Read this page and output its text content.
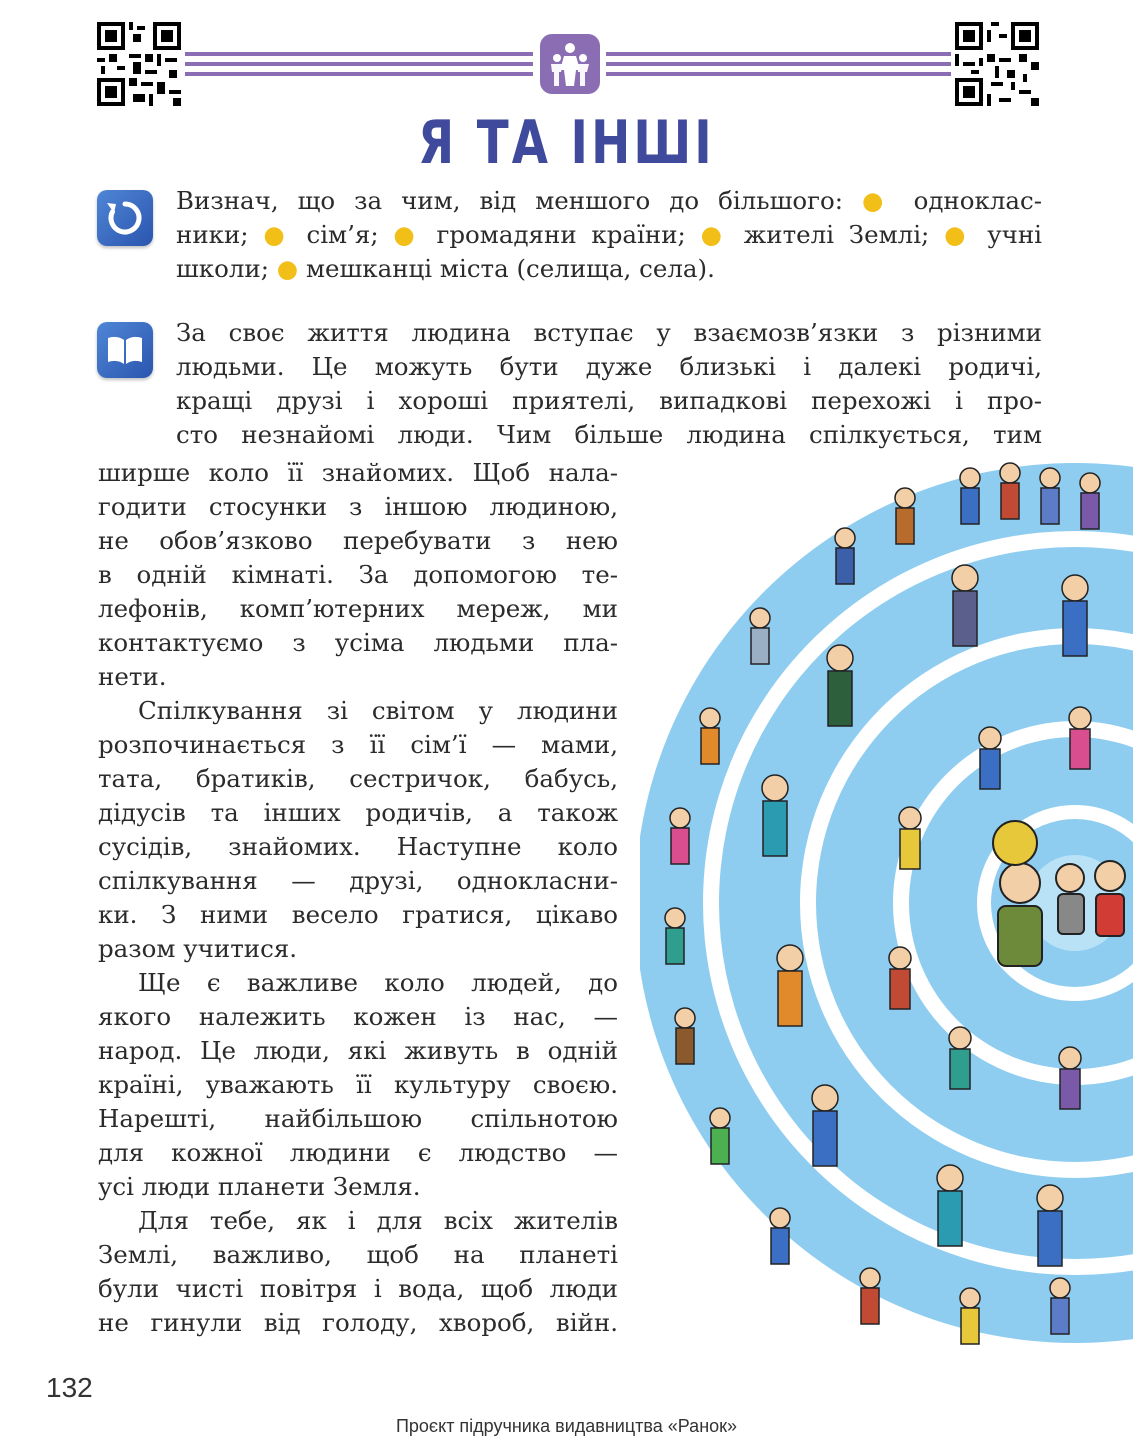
Я ТА ІНШІ
Визнач, що за чим, від меншого до більшого: ● одноклас-
ники; ● сім’я; ● громадяни країни; ● жителі Землі; ● учні
школи; ● мешканці міста (селища, села).
За своє життя людина вступає у взаємозв’язки з різними
людьми. Це можуть бути дуже близькі і далекі родичі,
кращі друзі і хороші приятелі, випадкові перехожі і про-
сто незнайомі люди. Чим більше людина спілкується, тим
ширше коло її знайомих. Щоб нала-
годити стосунки з іншою людиною,
не обов’язково перебувати з нею
в одній кімнаті. За допомогою те-
лефонів, комп’ютерних мереж, ми
контактуємо з усіма людьми пла-
нети.
Спілкування зі світом у людини
розпочинається з її сім’ї — мами,
тата, братиків, сестричок, бабусь,
дідусів та інших родичів, а також
сусідів, знайомих. Наступне коло
спілкування — друзі, однокласни-
ки. З ними весело гратися, цікаво
разом учитися.
Ще є важливе коло людей, до
якого належить кожен із нас, —
народ. Це люди, які живуть в одній
країні, уважають її культуру своєю.
Нарешті, найбільшою спільнотою
для кожної людини є людство —
усі люди планети Земля.
Для тебе, як і для всіх жителів
Землі, важливо, щоб на планеті
були чисті повітря і вода, щоб люди
не гинули від голоду, хвороб, війн.
132
Проєкт підручника видавництва «Ранок»
